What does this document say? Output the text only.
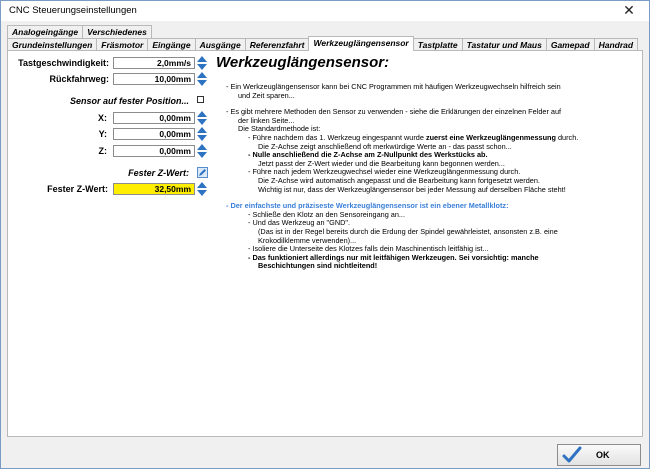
CNC Steuerungseinstellungen	✕
Analogeingänge	Verschiedenes
Grundeinstellungen	Fräsmotor	Eingänge	Ausgänge	Referenzfahrt	Werkzeuglängensensor	Tastplatte	Tastatur und Maus	Gamepad	Handrad
Tastgeschwindigkeit:	2,0mm/s
Rückfahrweg:	10,00mm
Sensor auf fester Position...
X:	0,00mm
Y:	0,00mm
Z:	0,00mm
Fester Z-Wert:
Fester Z-Wert:	32,50mm
Werkzeuglängensensor:

- Ein Werkzeuglängensensor kann bei CNC Programmen mit häufigen Werkzeugwechseln hilfreich sein

und Zeit sparen...

- Es gibt mehrere Methoden den Sensor zu verwenden - siehe die Erklärungen der einzelnen Felder auf

der linken Seite...

Die Standardmethode ist:

- Führe nachdem das 1. Werkzeug eingespannt wurde zuerst eine Werkzeuglängenmessung durch.

Die Z-Achse zeigt anschließend oft merkwürdige Werte an - das passt schon...

- Nulle anschließend die Z-Achse am Z-Nullpunkt des Werkstücks ab.

Jetzt passt der Z-Wert wieder und die Bearbeitung kann begonnen werden...

- Führe nach jedem Werkzeugwechsel wieder eine Werkzeuglängenmessung durch.

Die Z-Achse wird automatisch angepasst und die Bearbeitung kann fortgesetzt werden.

Wichtig ist nur, dass der Werkzeuglängensensor bei jeder Messung auf derselben Fläche steht!

- Der einfachste und präziseste Werkzeuglängensensor ist ein ebener Metallklotz:

- Schließe den Klotz an den Sensoreingang an...

- Und das Werkzeug an "GND".

(Das ist in der Regel bereits durch die Erdung der Spindel gewährleistet, ansonsten z.B. eine

Krokodilklemme verwenden)...

- Isoliere die Unterseite des Klotzes falls dein Maschinentisch leitfähig ist...

- Das funktioniert allerdings nur mit leitfähigen Werkzeugen. Sei vorsichtig: manche

Beschichtungen sind nichtleitend!

OK
